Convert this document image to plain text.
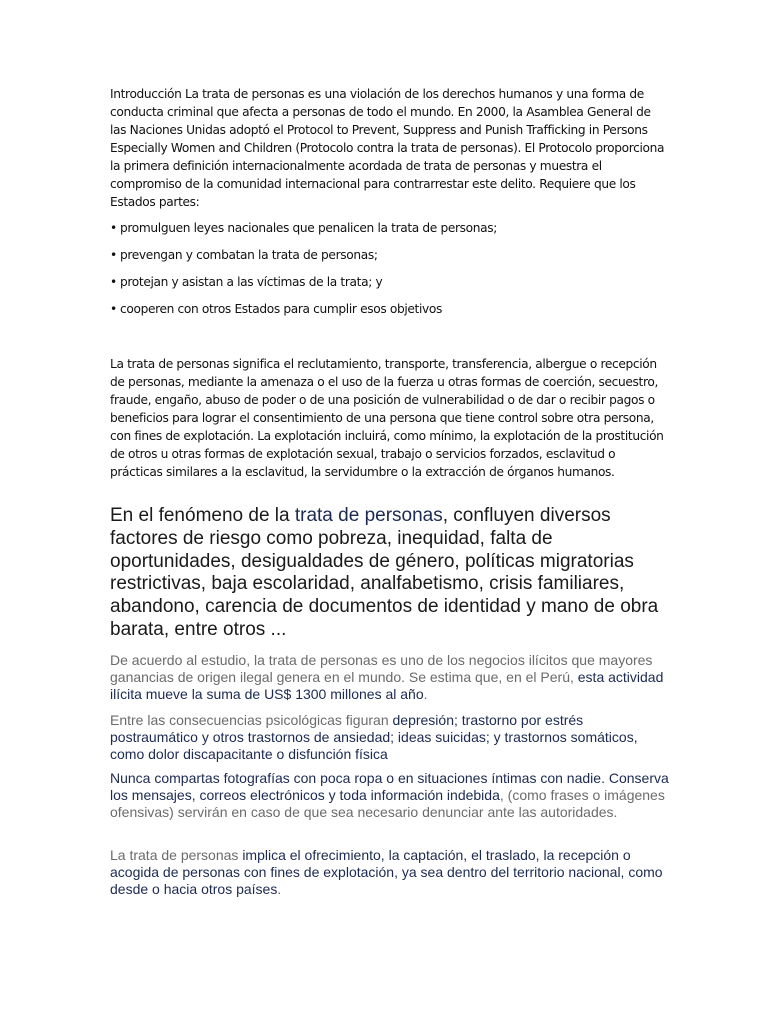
Introducción La trata de personas es una violación de los derechos humanos y una forma de conducta criminal que afecta a personas de todo el mundo. En 2000, la Asamblea General de las Naciones Unidas adoptó el Protocol to Prevent, Suppress and Punish Trafficking in Persons Especially Women and Children (Protocolo contra la trata de personas). El Protocolo proporciona la primera definición internacionalmente acordada de trata de personas y muestra el compromiso de la comunidad internacional para contrarrestar este delito. Requiere que los Estados partes:

• promulguen leyes nacionales que penalicen la trata de personas;
• prevengan y combatan la trata de personas;
• protejan y asistan a las víctimas de la trata; y
• cooperen con otros Estados para cumplir esos objetivos

La trata de personas significa el reclutamiento, transporte, transferencia, albergue o recepción de personas, mediante la amenaza o el uso de la fuerza u otras formas de coerción, secuestro, fraude, engaño, abuso de poder o de una posición de vulnerabilidad o de dar o recibir pagos o beneficios para lograr el consentimiento de una persona que tiene control sobre otra persona, con fines de explotación. La explotación incluirá, como mínimo, la explotación de la prostitución de otros u otras formas de explotación sexual, trabajo o servicios forzados, esclavitud o prácticas similares a la esclavitud, la servidumbre o la extracción de órganos humanos.

En el fenómeno de la trata de personas, confluyen diversos factores de riesgo como pobreza, inequidad, falta de oportunidades, desigualdades de género, políticas migratorias restrictivas, baja escolaridad, analfabetismo, crisis familiares, abandono, carencia de documentos de identidad y mano de obra barata, entre otros ...

De acuerdo al estudio, la trata de personas es uno de los negocios ilícitos que mayores ganancias de origen ilegal genera en el mundo. Se estima que, en el Perú, esta actividad ilícita mueve la suma de US$ 1300 millones al año.

Entre las consecuencias psicológicas figuran depresión; trastorno por estrés postraumático y otros trastornos de ansiedad; ideas suicidas; y trastornos somáticos, como dolor discapacitante o disfunción física

Nunca compartas fotografías con poca ropa o en situaciones íntimas con nadie. Conserva los mensajes, correos electrónicos y toda información indebida, (como frases o imágenes ofensivas) servirán en caso de que sea necesario denunciar ante las autoridades.

La trata de personas implica el ofrecimiento, la captación, el traslado, la recepción o acogida de personas con fines de explotación, ya sea dentro del territorio nacional, como desde o hacia otros países.
